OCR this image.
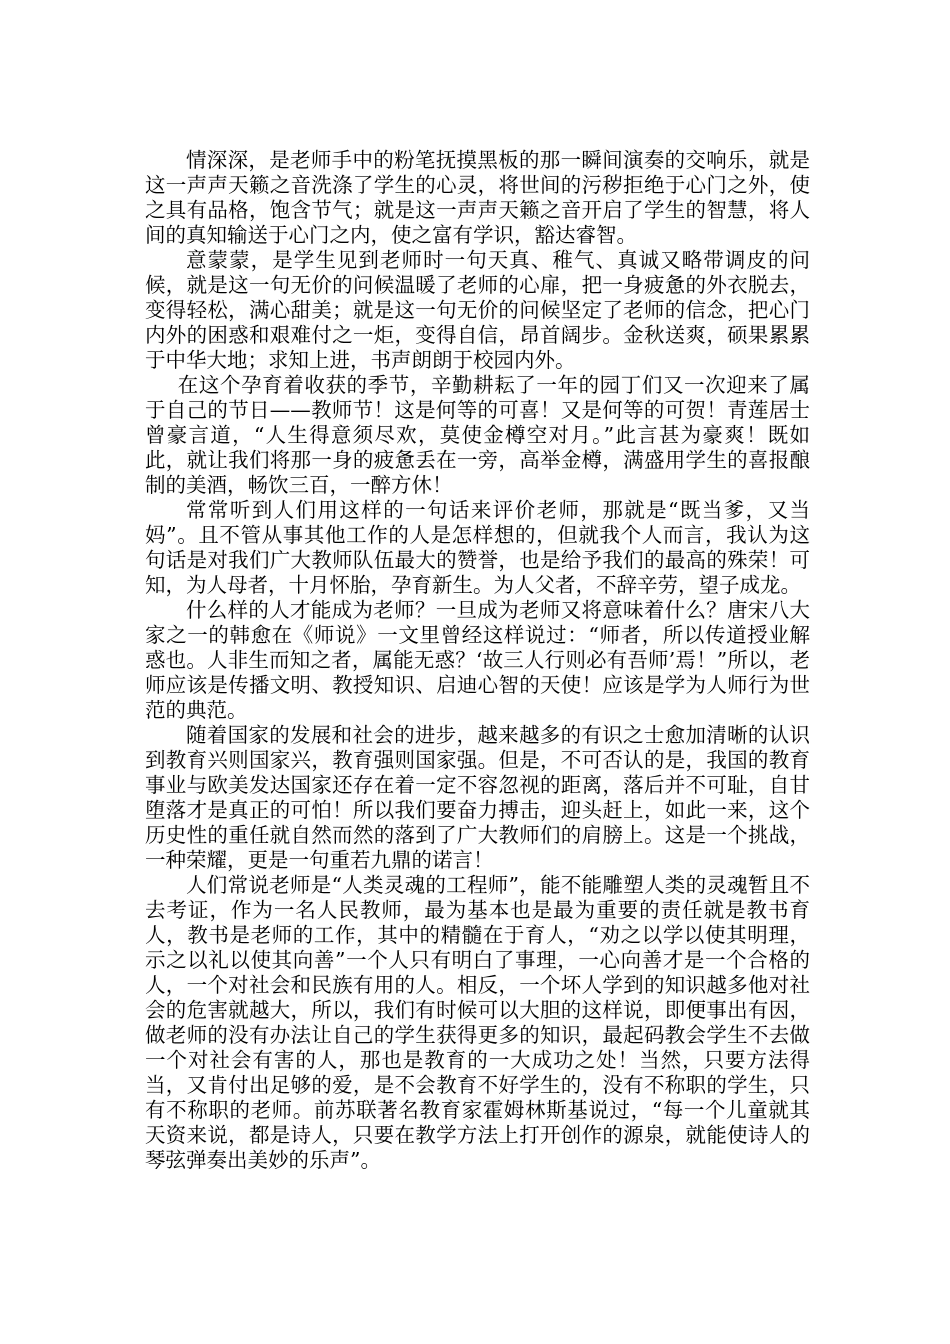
情深深，是老师手中的粉笔抚摸黑板的那一瞬间演奏的交响乐，就是这一声声天籁之音洗涤了学生的心灵，将世间的污秽拒绝于心门之外，使之具有品格，饱含节气；就是这一声声天籁之音开启了学生的智慧，将人间的真知输送于心门之内，使之富有学识，豁达睿智。

意蒙蒙，是学生见到老师时一句天真、稚气、真诚又略带调皮的问候，就是这一句无价的问候温暖了老师的心扉，把一身疲惫的外衣脱去，变得轻松，满心甜美；就是这一句无价的问候坚定了老师的信念，把心门内外的困惑和艰难付之一炬，变得自信，昂首阔步。金秋送爽，硕果累累于中华大地；求知上进，书声朗朗于校园内外。

在这个孕育着收获的季节，辛勤耕耘了一年的园丁们又一次迎来了属于自己的节日——教师节！这是何等的可喜！又是何等的可贺！青莲居士曾豪言道，“人生得意须尽欢，莫使金樽空对月。”此言甚为豪爽！既如此，就让我们将那一身的疲惫丢在一旁，高举金樽，满盛用学生的喜报酿制的美酒，畅饮三百，一醉方休！

常常听到人们用这样的一句话来评价老师，那就是“既当爹，又当妈”。且不管从事其他工作的人是怎样想的，但就我个人而言，我认为这句话是对我们广大教师队伍最大的赞誉，也是给予我们的最高的殊荣！可知，为人母者，十月怀胎，孕育新生。为人父者，不辞辛劳，望子成龙。

什么样的人才能成为老师？一旦成为老师又将意味着什么？唐宋八大家之一的韩愈在《师说》一文里曾经这样说过：“师者，所以传道授业解惑也。人非生而知之者，属能无惑？‘故三人行则必有吾师’焉！”所以，老师应该是传播文明、教授知识、启迪心智的天使！应该是学为人师行为世范的典范。

随着国家的发展和社会的进步，越来越多的有识之士愈加清晰的认识到教育兴则国家兴，教育强则国家强。但是，不可否认的是，我国的教育事业与欧美发达国家还存在着一定不容忽视的距离，落后并不可耻，自甘堕落才是真正的可怕！所以我们要奋力搏击，迎头赶上，如此一来，这个历史性的重任就自然而然的落到了广大教师们的肩膀上。这是一个挑战，一种荣耀，更是一句重若九鼎的诺言！

人们常说老师是“人类灵魂的工程师”，能不能雕塑人类的灵魂暂且不去考证，作为一名人民教师，最为基本也是最为重要的责任就是教书育人，教书是老师的工作，其中的精髓在于育人，“劝之以学以使其明理，示之以礼以使其向善”一个人只有明白了事理，一心向善才是一个合格的人，一个对社会和民族有用的人。相反，一个坏人学到的知识越多他对社会的危害就越大，所以，我们有时候可以大胆的这样说，即便事出有因，做老师的没有办法让自己的学生获得更多的知识，最起码教会学生不去做一个对社会有害的人，那也是教育的一大成功之处！当然，只要方法得当，又肯付出足够的爱，是不会教育不好学生的，没有不称职的学生，只有不称职的老师。前苏联著名教育家霍姆林斯基说过，“每一个儿童就其天资来说，都是诗人，只要在教学方法上打开创作的源泉，就能使诗人的琴弦弹奏出美妙的乐声”。
